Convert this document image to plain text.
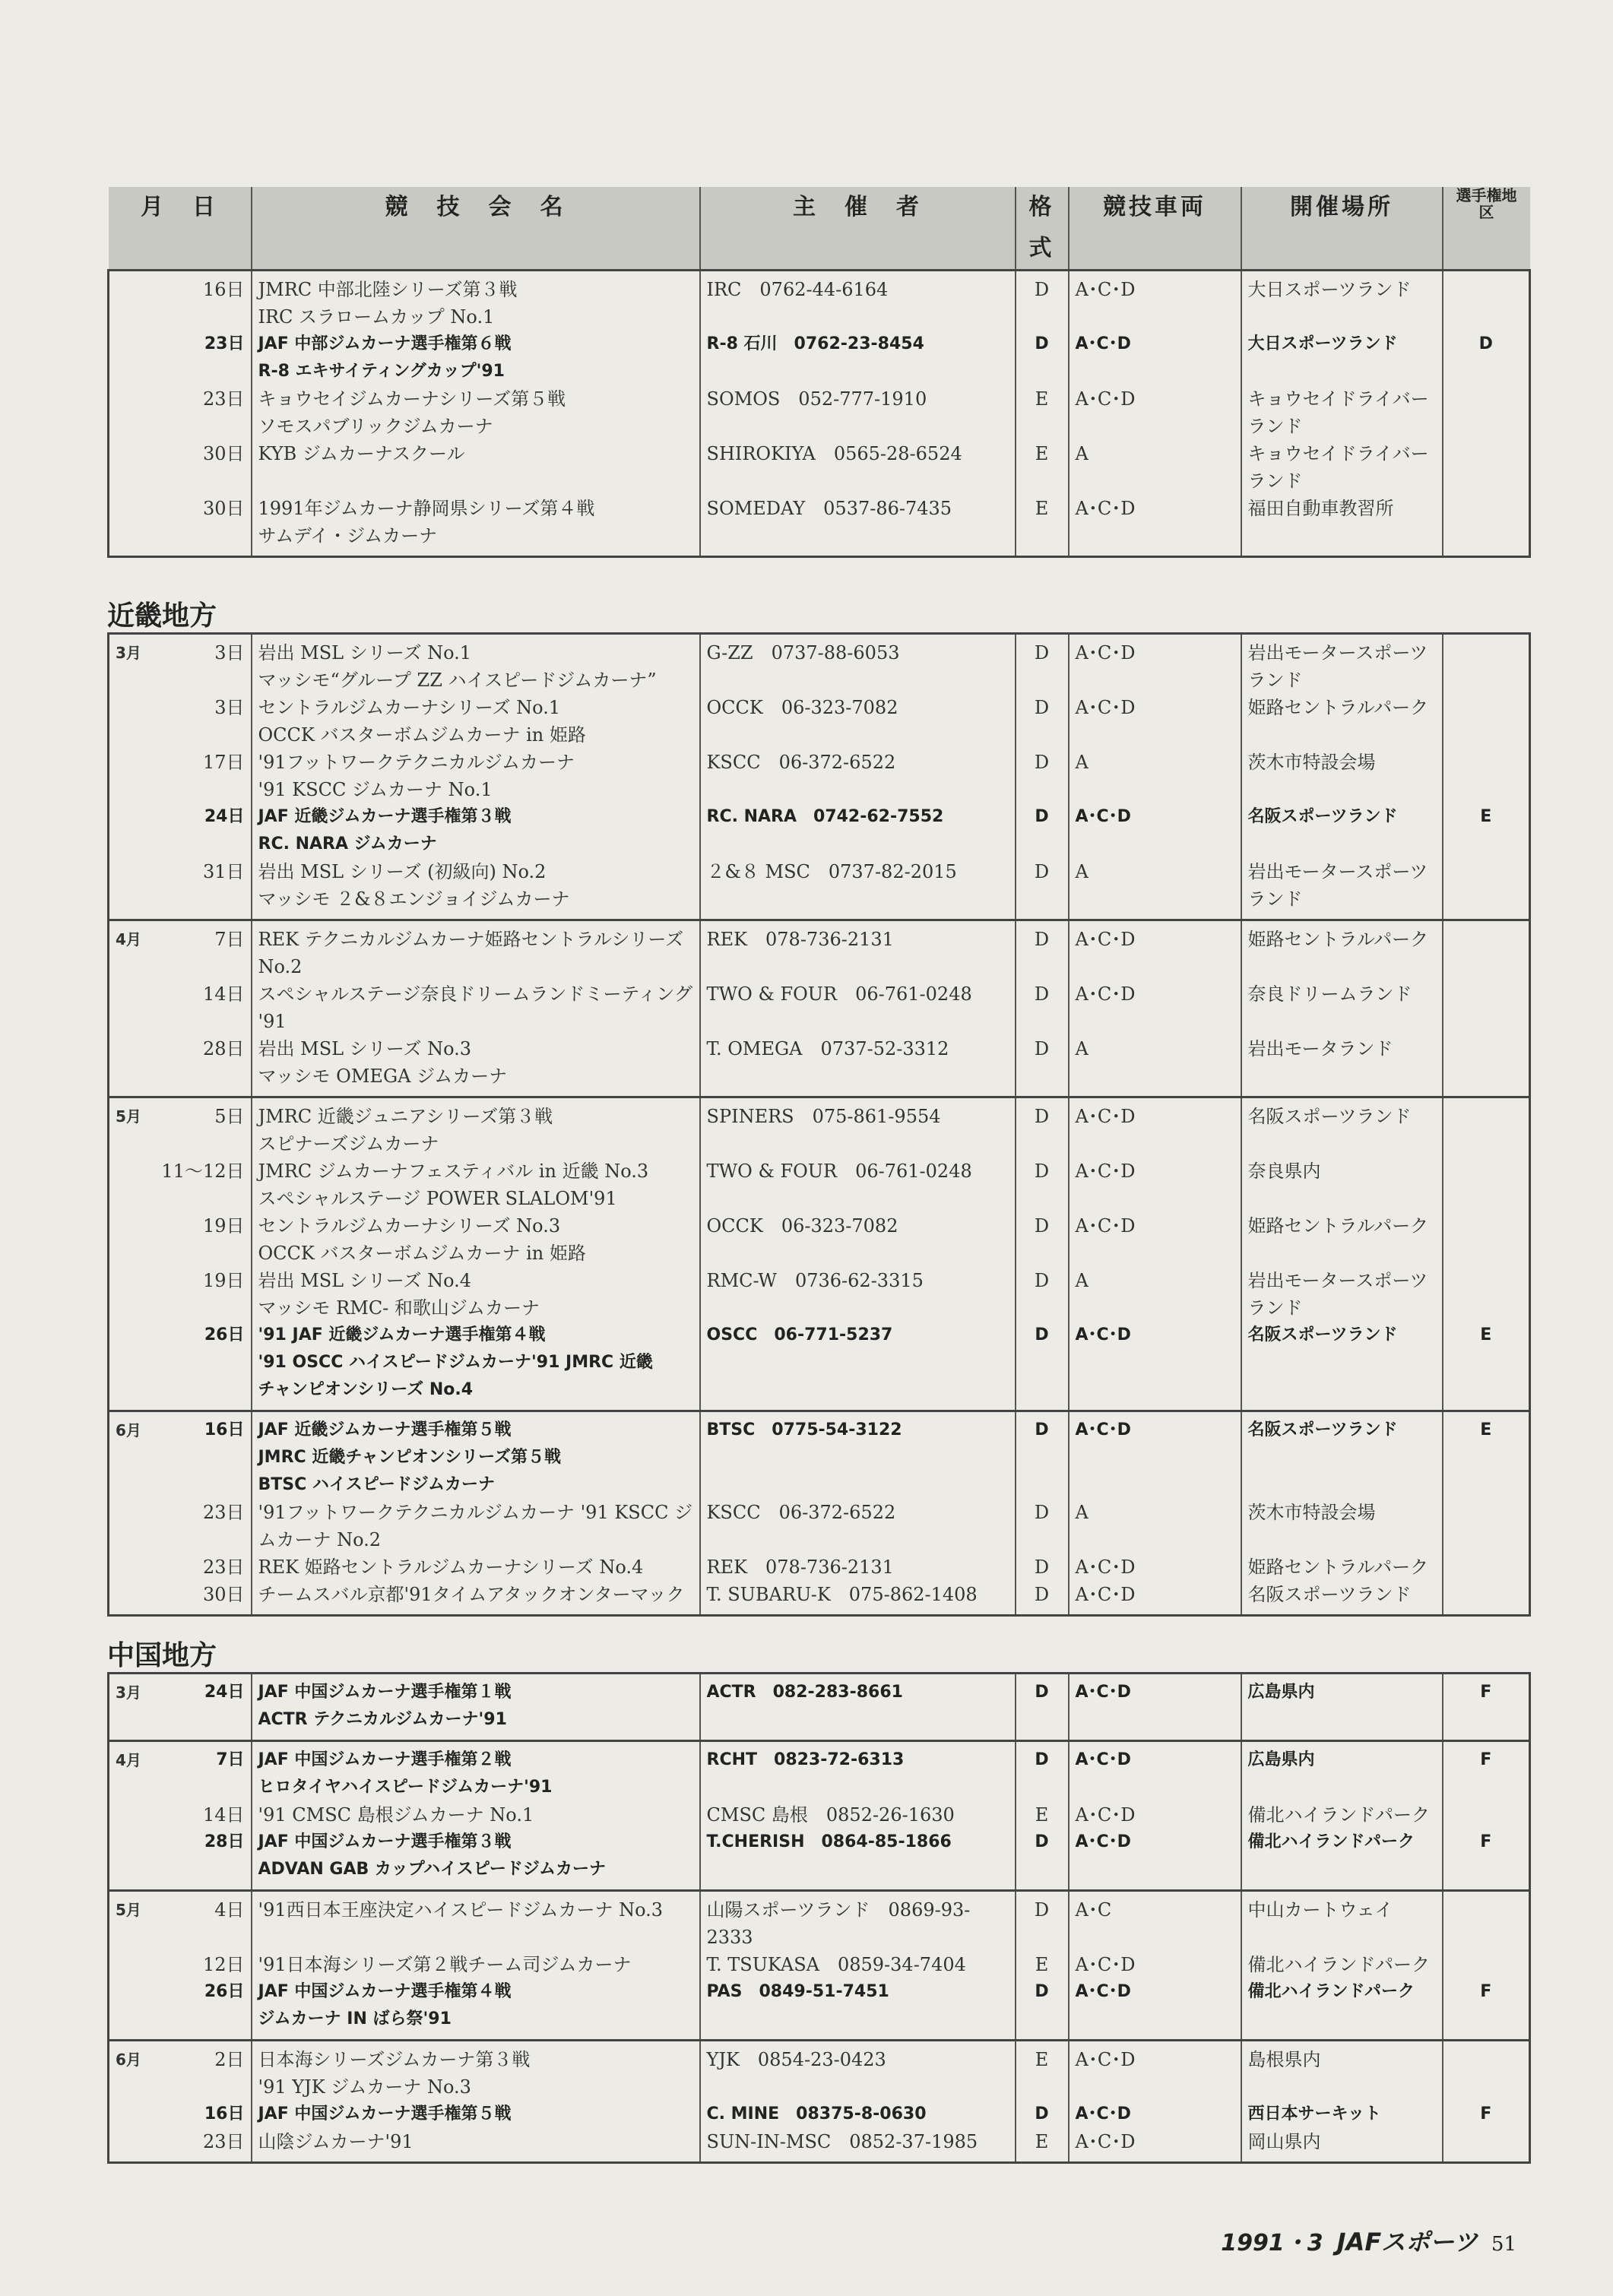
月　日	競　技　会　名	主　催　者	格式	競技車両	開催場所	選手権地　区

16日	JMRC 中部北陸シリーズ第３戦
IRC スラロームカップ No.1	IRC　0762-44-6164	D	A･C･D	大日スポーツランド	

23日	JAF 中部ジムカーナ選手権第６戦
R-8 エキサイティングカップ'91	R-8 石川　0762-23-8454	D	A･C･D	大日スポーツランド	D

23日	キョウセイジムカーナシリーズ第５戦
ソモスパブリックジムカーナ	SOMOS　052-777-1910	E	A･C･D	キョウセイドライバー
ランド	

30日	KYB ジムカーナスクール	SHIROKIYA　0565-28-6524	E	A	キョウセイドライバー
ランド	

30日	1991年ジムカーナ静岡県シリーズ第４戦
サムデイ・ジムカーナ	SOMEDAY　0537-86-7435	E	A･C･D	福田自動車教習所	
近畿地方
3月 3日	岩出 MSL シリーズ No.1
マッシモ“グループ ZZ ハイスピードジムカーナ”	G-ZZ　0737-88-6053	D	A･C･D	岩出モータースポーツ
ランド	

3日	セントラルジムカーナシリーズ No.1
OCCK バスターボムジムカーナ in 姫路	OCCK　06-323-7082	D	A･C･D	姫路セントラルパーク	

17日	'91フットワークテクニカルジムカーナ
'91 KSCC ジムカーナ No.1	KSCC　06-372-6522	D	A	茨木市特設会場	

24日	JAF 近畿ジムカーナ選手権第３戦
RC. NARA ジムカーナ	RC. NARA　0742-62-7552	D	A･C･D	名阪スポーツランド	E

31日	岩出 MSL シリーズ (初級向) No.2
マッシモ ２&８エンジョイジムカーナ	２&８ MSC　0737-82-2015	D	A	岩出モータースポーツ
ランド	

4月 7日	REK テクニカルジムカーナ姫路セントラルシリーズ
No.2	REK　078-736-2131	D	A･C･D	姫路セントラルパーク	

14日	スペシャルステージ奈良ドリームランドミーティング
'91	TWO & FOUR　06-761-0248	D	A･C･D	奈良ドリームランド	

28日	岩出 MSL シリーズ No.3
マッシモ OMEGA ジムカーナ	T. OMEGA　0737-52-3312	D	A	岩出モータランド	

5月 5日	JMRC 近畿ジュニアシリーズ第３戦
スピナーズジムカーナ	SPINERS　075-861-9554	D	A･C･D	名阪スポーツランド	

11～12日	JMRC ジムカーナフェスティバル in 近畿 No.3
スペシャルステージ POWER SLALOM'91	TWO & FOUR　06-761-0248	D	A･C･D	奈良県内	

19日	セントラルジムカーナシリーズ No.3
OCCK バスターボムジムカーナ in 姫路	OCCK　06-323-7082	D	A･C･D	姫路セントラルパーク	

19日	岩出 MSL シリーズ No.4
マッシモ RMC- 和歌山ジムカーナ	RMC-W　0736-62-3315	D	A	岩出モータースポーツ
ランド	

26日	'91 JAF 近畿ジムカーナ選手権第４戦
'91 OSCC ハイスピードジムカーナ'91 JMRC 近畿
チャンピオンシリーズ No.4	OSCC　06-771-5237	D	A･C･D	名阪スポーツランド	E

6月 16日	JAF 近畿ジムカーナ選手権第５戦
JMRC 近畿チャンピオンシリーズ第５戦
BTSC ハイスピードジムカーナ	BTSC　0775-54-3122	D	A･C･D	名阪スポーツランド	E

23日	'91フットワークテクニカルジムカーナ '91 KSCC ジ
ムカーナ No.2	KSCC　06-372-6522	D	A	茨木市特設会場	

23日	REK 姫路セントラルジムカーナシリーズ No.4	REK　078-736-2131	D	A･C･D	姫路セントラルパーク	

30日	チームスバル京都'91タイムアタックオンターマック	T. SUBARU-K　075-862-1408	D	A･C･D	名阪スポーツランド	
中国地方
3月 24日	JAF 中国ジムカーナ選手権第１戦
ACTR テクニカルジムカーナ'91	ACTR　082-283-8661	D	A･C･D	広島県内	F

4月 7日	JAF 中国ジムカーナ選手権第２戦
ヒロタイヤハイスピードジムカーナ'91	RCHT　0823-72-6313	D	A･C･D	広島県内	F

14日	'91 CMSC 島根ジムカーナ No.1	CMSC 島根　0852-26-1630	E	A･C･D	備北ハイランドパーク	

28日	JAF 中国ジムカーナ選手権第３戦
ADVAN GAB カップハイスピードジムカーナ	T.CHERISH　0864-85-1866	D	A･C･D	備北ハイランドパーク	F

5月 4日	'91西日本王座決定ハイスピードジムカーナ No.3	山陽スポーツランド　0869-93-2333	D	A･C	中山カートウェイ	

12日	'91日本海シリーズ第２戦チーム司ジムカーナ	T. TSUKASA　0859-34-7404	E	A･C･D	備北ハイランドパーク	

26日	JAF 中国ジムカーナ選手権第４戦
ジムカーナ IN ばら祭'91	PAS　0849-51-7451	D	A･C･D	備北ハイランドパーク	F

6月 2日	日本海シリーズジムカーナ第３戦
'91 YJK ジムカーナ No.3	YJK　0854-23-0423	E	A･C･D	島根県内	

16日	JAF 中国ジムカーナ選手権第５戦	C. MINE　08375-8-0630	D	A･C･D	西日本サーキット	F

23日	山陰ジムカーナ'91	SUN-IN-MSC　0852-37-1985	E	A･C･D	岡山県内	
1991・3 JAFスポーツ 51
